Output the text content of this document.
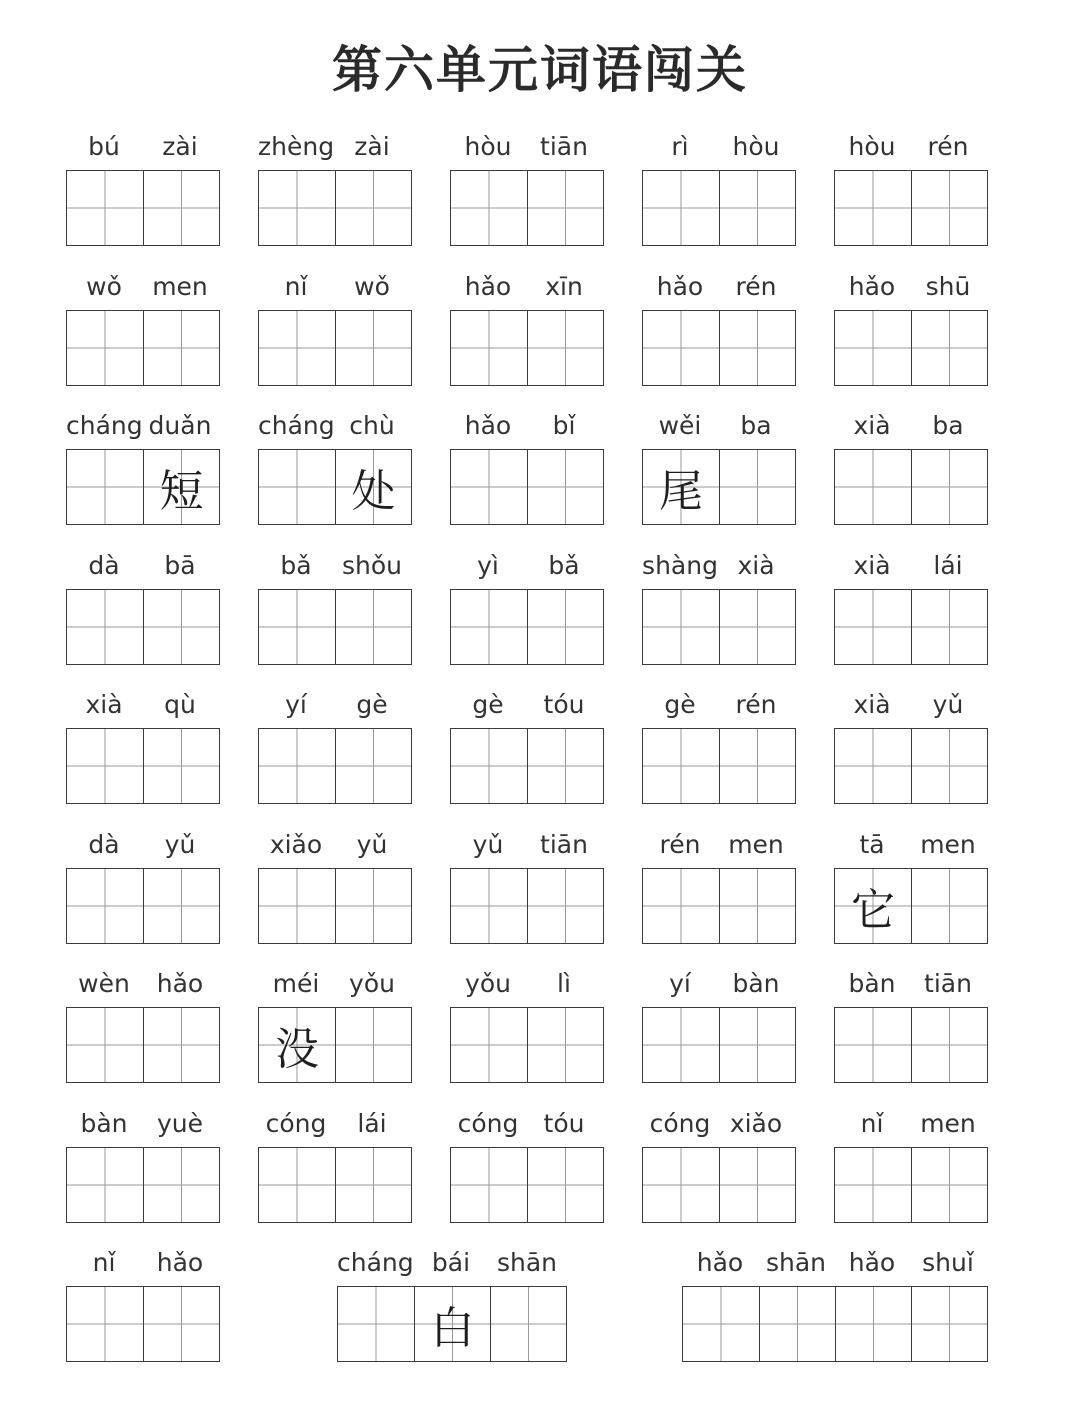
第六单元词语闯关
bú	zài	zhèng zài	hòu	tiān	rì	hòu	hòu	rén
wǒ	men	nǐ	wǒ	hǎo	xīn	hǎo	rén	hǎo	shū
cháng duǎn
短
cháng chù
处
hǎo	bǐ	wěi	ba
尾
xià	ba
dà	bā	bǎ	shǒu	yì	bǎ	shàng xià	xià	lái
xià	qù	yí	gè	gè	tóu	gè	rén	xià	yǔ
dà	yǔ	xiǎo	yǔ	yǔ	tiān	rén	men	tā	men
它
wèn	hǎo	méi	yǒu
没
yǒu	lì	yí	bàn	bàn	tiān
bàn	yuè	cóng	lái	cóng	tóu	cóng xiǎo	nǐ	men
nǐ	hǎo	cháng bái	shān
白
hǎo shān hǎo	shuǐ
